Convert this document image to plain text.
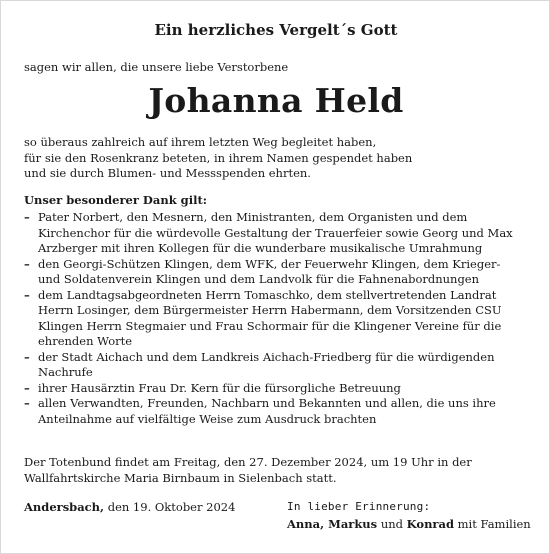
Ein herzliches Vergelt´s Gott
sagen wir allen, die unsere liebe Verstorbene
Johanna Held
so überaus zahlreich auf ihrem letzten Weg begleitet haben,
für sie den Rosenkranz beteten, in ihrem Namen gespendet haben
und sie durch Blumen- und Messspenden ehrten.
Unser besonderer Dank gilt:
– Pater Norbert, den Mesnern, den Ministranten, dem Organisten und dem
Kirchenchor für die würdevolle Gestaltung der Trauerfeier sowie Georg und Max
Arzberger mit ihren Kollegen für die wunderbare musikalische Umrahmung
– den Georgi-Schützen Klingen, dem WFK, der Feuerwehr Klingen, dem Krieger-
und Soldatenverein Klingen und dem Landvolk für die Fahnenabordnungen
– dem Landtagsabgeordneten Herrn Tomaschko, dem stellvertretenden Landrat
Herrn Losinger, dem Bürgermeister Herrn Habermann, dem Vorsitzenden CSU
Klingen Herrn Stegmaier und Frau Schormair für die Klingener Vereine für die
ehrenden Worte
– der Stadt Aichach und dem Landkreis Aichach-Friedberg für die würdigenden
Nachrufe
– ihrer Hausärztin Frau Dr. Kern für die fürsorgliche Betreuung
– allen Verwandten, Freunden, Nachbarn und Bekannten und allen, die uns ihre
Anteilnahme auf vielfältige Weise zum Ausdruck brachten
Der Totenbund findet am Freitag, den 27. Dezember 2024, um 19 Uhr in der
Wallfahrtskirche Maria Birnbaum in Sielenbach statt.
Andersbach, den 19. Oktober 2024	In lieber Erinnerung:
Anna, Markus und Konrad mit Familien
